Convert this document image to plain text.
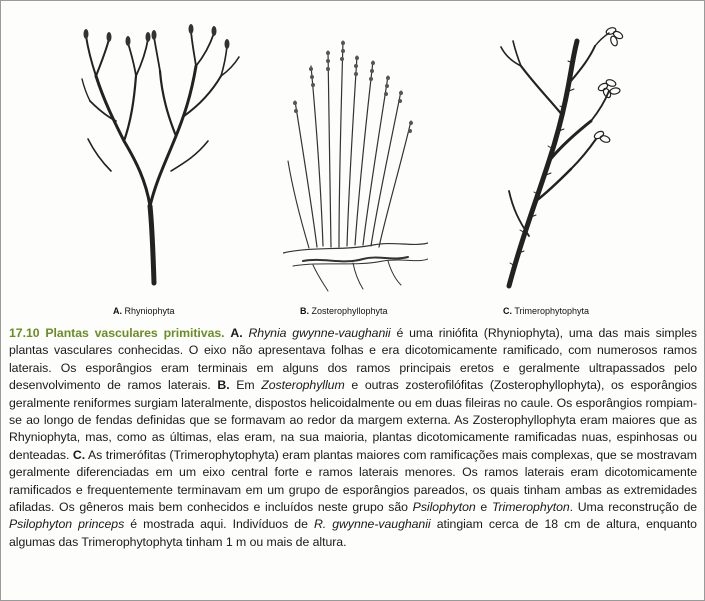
A. Rhyniophyta	B. Zosterophyllophyta	C. Trimerophytophyta
17.10 Plantas vasculares primitivas. A. Rhynia gwynne-vaughanii é uma riniófita (Rhyniophyta), uma das mais simples plantas vasculares conhecidas. O eixo não apresentava folhas e era dicotomicamente ramificado, com numerosos ramos laterais. Os esporângios eram terminais em alguns dos ramos principais eretos e geralmente ultrapassados pelo desenvolvimento de ramos laterais. B. Em Zosterophyllum e outras zosterofilófitas (Zosterophyllophyta), os esporângios geralmente reniformes surgiam lateralmente, dispostos helicoidalmente ou em duas fileiras no caule. Os esporângios rompiam-se ao longo de fendas definidas que se formavam ao redor da margem externa. As Zosterophyllophyta eram maiores que as Rhyniophyta, mas, como as últimas, elas eram, na sua maioria, plantas dicotomicamente ramificadas nuas, espinhosas ou denteadas. C. As trimerófitas (Trimerophytophyta) eram plantas maiores com ramificações mais complexas, que se mostravam geralmente diferenciadas em um eixo central forte e ramos laterais menores. Os ramos laterais eram dicotomicamente ramificados e frequentemente terminavam em um grupo de esporângios pareados, os quais tinham ambas as extremidades afiladas. Os gêneros mais bem conhecidos e incluídos neste grupo são Psilophyton e Trimerophyton. Uma reconstrução de Psilophyton princeps é mostrada aqui. Indivíduos de R. gwynne-vaughanii atingiam cerca de 18 cm de altura, enquanto algumas das Trimerophytophyta tinham 1 m ou mais de altura.
